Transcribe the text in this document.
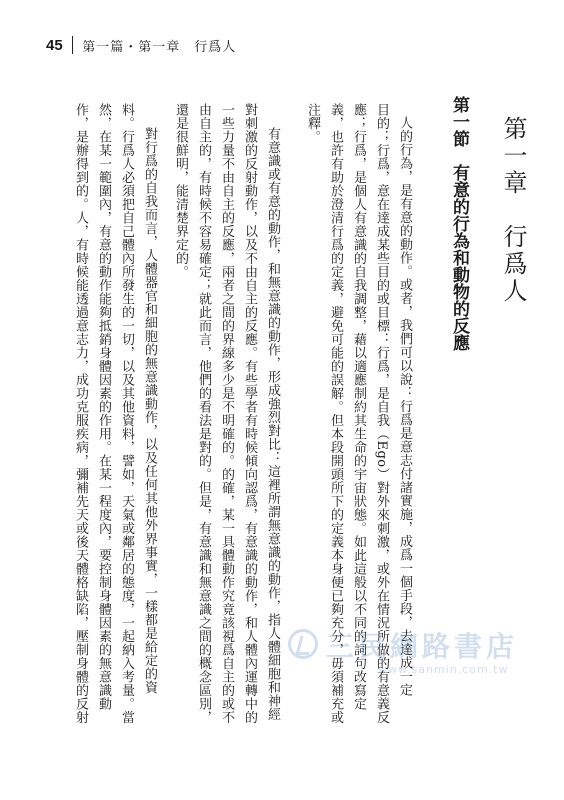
45 第一篇・第一章　行爲人
第一章　行爲人
第一節　有意的行為和動物的反應
人的行為，是有意的動作。或者，我們可以說：行爲是意志付諸實施，成爲一個手段，去達成一定
目的；行爲，意在達成某些目的或目標：行爲，是自我（Ego）對外來刺激，或外在情況所做的有意義反
應；行爲，是個人有意識的自我調整，藉以適應制約其生命的宇宙狀態。如此這般以不同的詞句改寫定
義，也許有助於澄清行爲的定義，避免可能的誤解。但本段開頭所下的定義本身便已夠充分，毋須補充或
注釋。
有意識或有意的動作，和無意識的動作，形成強烈對比：這裡所謂無意識的動作，指人體細胞和神經
對刺激的反射動作，以及不由自主的反應。有些學者有時候傾向認爲，有意識的動作，和人體內運轉中的
一些力量不由自主的反應，兩者之間的界線多少是不明確的。的確，某一具體動作究竟該視爲自主的或不
由自主的，有時候不容易確定；就此而言，他們的看法是對的。但是，有意識和無意識之間的概念區別，
還是很鮮明，能清楚界定的。
對行爲的自我而言，人體器官和細胞的無意識動作，以及任何其他外界事實，一樣都是給定的資
料。行爲人必須把自己體內所發生的一切，以及其他資料，譬如，天氣或鄰居的態度，一起納入考量。當
然，在某一範圍內，有意的動作能夠抵銷身體因素的作用。在某一程度內，要控制身體因素的無意識動
作，是辦得到的。人，有時候能透過意志力，成功克服疾病，彌補先天或後天體格缺陷，壓制身體的反射	三民網路書店
www.sanmin.com.tw
